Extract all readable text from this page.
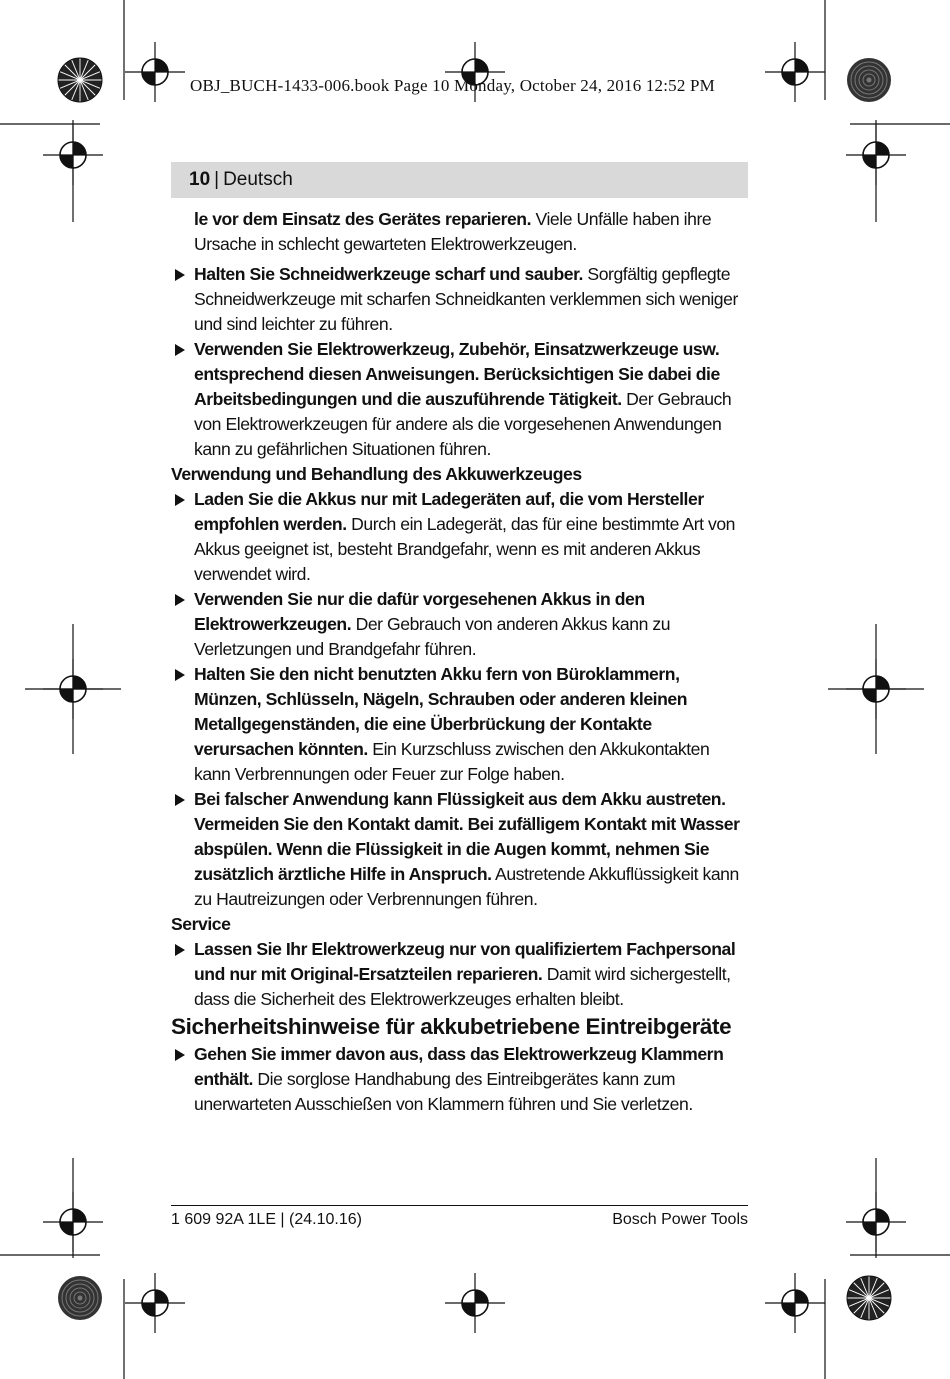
OBJ_BUCH-1433-006.book Page 10 Monday, October 24, 2016 12:52 PM
10 | Deutsch

le vor dem Einsatz des Gerätes reparieren. Viele Unfälle haben ihre Ursache in schlecht gewarteten Elektrowerkzeugen.

Halten Sie Schneidwerkzeuge scharf und sauber. Sorgfältig gepflegte Schneidwerkzeuge mit scharfen Schneidkanten verklemmen sich weniger und sind leichter zu führen.

Verwenden Sie Elektrowerkzeug, Zubehör, Einsatzwerkzeuge usw. entsprechend diesen Anweisungen. Berücksichtigen Sie dabei die Arbeitsbedingungen und die auszuführende Tätigkeit. Der Gebrauch von Elektrowerkzeugen für andere als die vorgesehenen Anwendungen kann zu gefährlichen Situationen führen.

Verwendung und Behandlung des Akkuwerkzeuges

Laden Sie die Akkus nur mit Ladegeräten auf, die vom Hersteller empfohlen werden. Durch ein Ladegerät, das für eine bestimmte Art von Akkus geeignet ist, besteht Brandgefahr, wenn es mit anderen Akkus verwendet wird.

Verwenden Sie nur die dafür vorgesehenen Akkus in den Elektrowerkzeugen. Der Gebrauch von anderen Akkus kann zu Verletzungen und Brandgefahr führen.

Halten Sie den nicht benutzten Akku fern von Büroklammern, Münzen, Schlüsseln, Nägeln, Schrauben oder anderen kleinen Metallgegenständen, die eine Überbrückung der Kontakte verursachen könnten. Ein Kurzschluss zwischen den Akkukontakten kann Verbrennungen oder Feuer zur Folge haben.

Bei falscher Anwendung kann Flüssigkeit aus dem Akku austreten. Vermeiden Sie den Kontakt damit. Bei zufälligem Kontakt mit Wasser abspülen. Wenn die Flüssigkeit in die Augen kommt, nehmen Sie zusätzlich ärztliche Hilfe in Anspruch. Austretende Akkuflüssigkeit kann zu Hautreizungen oder Verbrennungen führen.

Service

Lassen Sie Ihr Elektrowerkzeug nur von qualifiziertem Fachpersonal und nur mit Original-Ersatzteilen reparieren. Damit wird sichergestellt, dass die Sicherheit des Elektrowerkzeuges erhalten bleibt.

Sicherheitshinweise für akkubetriebene Eintreibgeräte

Gehen Sie immer davon aus, dass das Elektrowerkzeug Klammern enthält. Die sorglose Handhabung des Eintreibgerätes kann zum unerwarteten Ausschießen von Klammern führen und Sie verletzen.

1 609 92A 1LE | (24.10.16)	Bosch Power Tools
